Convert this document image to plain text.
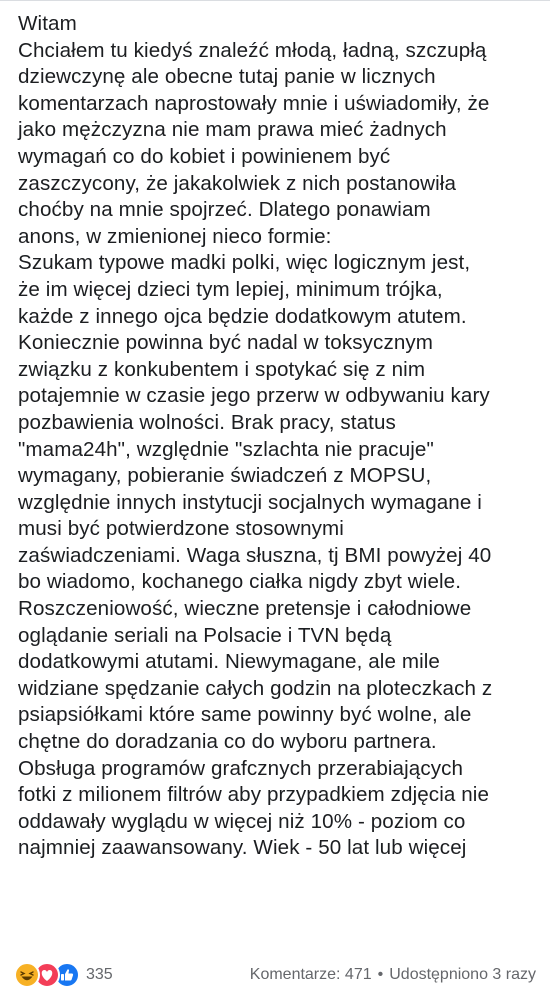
Witam
Chciałem tu kiedyś znaleźć młodą, ładną, szczupłą
dziewczynę ale obecne tutaj panie w licznych
komentarzach naprostowały mnie i uświadomiły, że
jako mężczyzna nie mam prawa mieć żadnych
wymagań co do kobiet i powinienem być
zaszczycony, że jakakolwiek z nich postanowiła
choćby na mnie spojrzeć. Dlatego ponawiam
anons, w zmienionej nieco formie:
Szukam typowe madki polki, więc logicznym jest,
że im więcej dzieci tym lepiej, minimum trójka,
każde z innego ojca będzie dodatkowym atutem.
Koniecznie powinna być nadal w toksycznym
związku z konkubentem i spotykać się z nim
potajemnie w czasie jego przerw w odbywaniu kary
pozbawienia wolności. Brak pracy, status
"mama24h", względnie "szlachta nie pracuje"
wymagany, pobieranie świadczeń z MOPSU,
względnie innych instytucji socjalnych wymagane i
musi być potwierdzone stosownymi
zaświadczeniami. Waga słuszna, tj BMI powyżej 40
bo wiadomo, kochanego ciałka nigdy zbyt wiele.
Roszczeniowość, wieczne pretensje i całodniowe
oglądanie seriali na Polsacie i TVN będą
dodatkowymi atutami. Niewymagane, ale mile
widziane spędzanie całych godzin na ploteczkach z
psiapsiółkami które same powinny być wolne, ale
chętne do doradzania co do wyboru partnera.
Obsługa programów grafcznych przerabiających
fotki z milionem filtrów aby przypadkiem zdjęcia nie
oddawały wyglądu w więcej niż 10% - poziom co
najmniej zaawansowany. Wiek - 50 lat lub więcej
335	Komentarze: 471 • Udostępniono 3 razy
